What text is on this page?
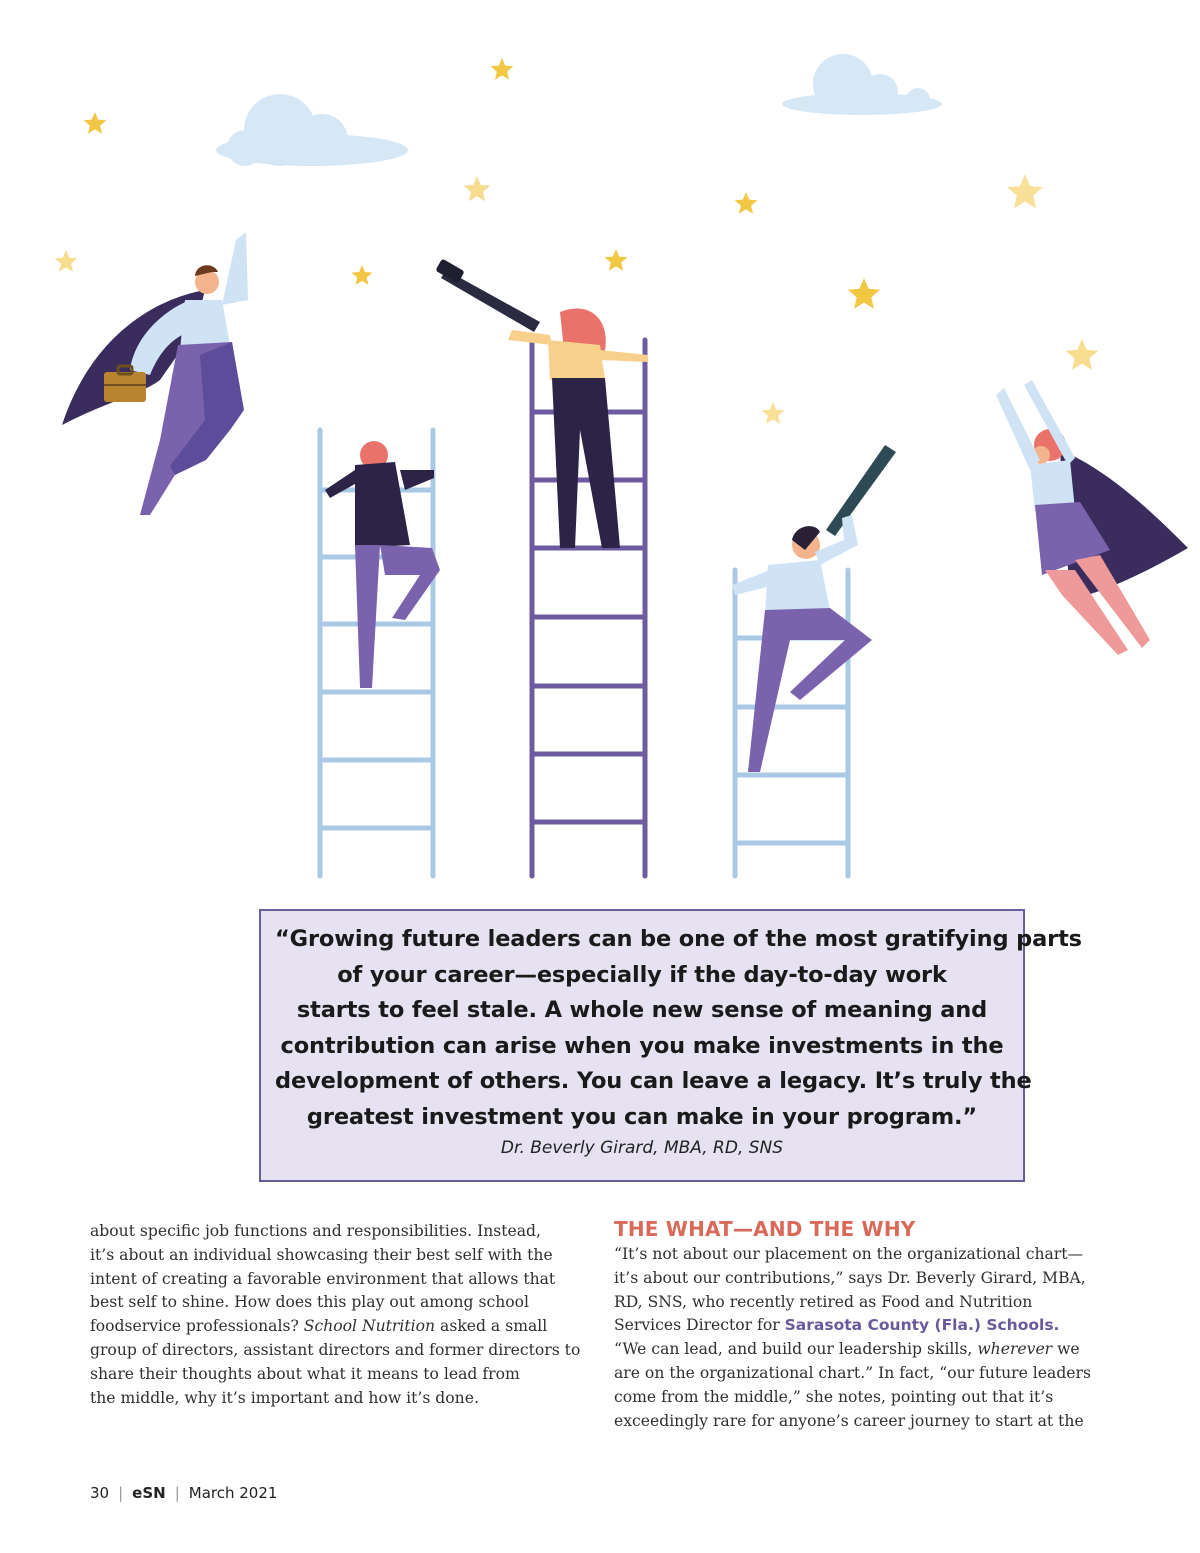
“Growing future leaders can be one of the most gratifying parts
of your career—especially if the day-to-day work
starts to feel stale. A whole new sense of meaning and
contribution can arise when you make investments in the
development of others. You can leave a legacy. It’s truly the
greatest investment you can make in your program.”
Dr. Beverly Girard, MBA, RD, SNS
about specific job functions and responsibilities. Instead,
it’s about an individual showcasing their best self with the
intent of creating a favorable environment that allows that
best self to shine. How does this play out among school
foodservice professionals? School Nutrition asked a small
group of directors, assistant directors and former directors to
share their thoughts about what it means to lead from
the middle, why it’s important and how it’s done.
THE WHAT—AND THE WHY
“It’s not about our placement on the organizational chart—
it’s about our contributions,” says Dr. Beverly Girard, MBA,
RD, SNS, who recently retired as Food and Nutrition
Services Director for Sarasota County (Fla.) Schools.
“We can lead, and build our leadership skills, wherever we
are on the organizational chart.” In fact, “our future leaders
come from the middle,” she notes, pointing out that it’s
exceedingly rare for anyone’s career journey to start at the
30 | eSN | March 2021
